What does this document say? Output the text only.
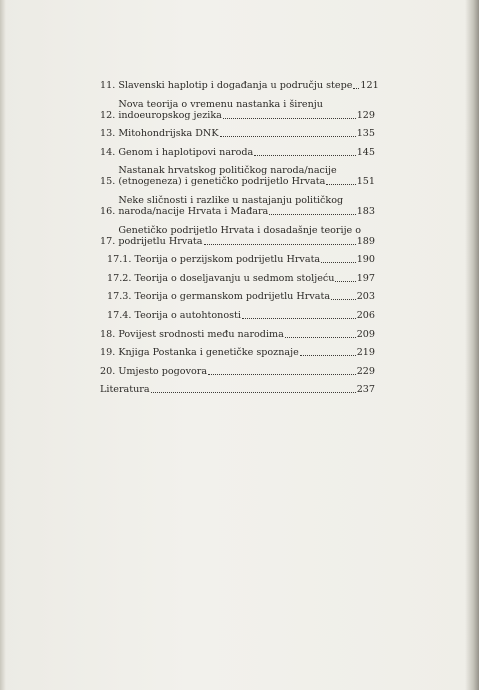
11. Slavenski haplotip i događanja u području stepe 121
12.
Nova teorija o vremenu nastanka i širenju
indoeuropskog jezika	129
13. Mitohondrijska DNK	135
14. Genom i haplotipovi naroda	145
15.
Nastanak hrvatskog političkog naroda/nacije
(etnogeneza) i genetičko podrijetlo Hrvata	151
16.
Neke sličnosti i razlike u nastajanju političkog
naroda/nacije Hrvata i Mađara	183
17.
Genetičko podrijetlo Hrvata i dosadašnje teorije o
podrijetlu Hrvata	189
17.1. Teorija o perzijskom podrijetlu Hrvata	190
17.2. Teorija o doseljavanju u sedmom stoljeću 197
17.3. Teorija o germanskom podrijetlu Hrvata	203
17.4. Teorija o autohtonosti	206
18. Povijest srodnosti među narodima	209
19. Knjiga Postanka i genetičke spoznaje	219
20. Umjesto pogovora	229
Literatura	237
